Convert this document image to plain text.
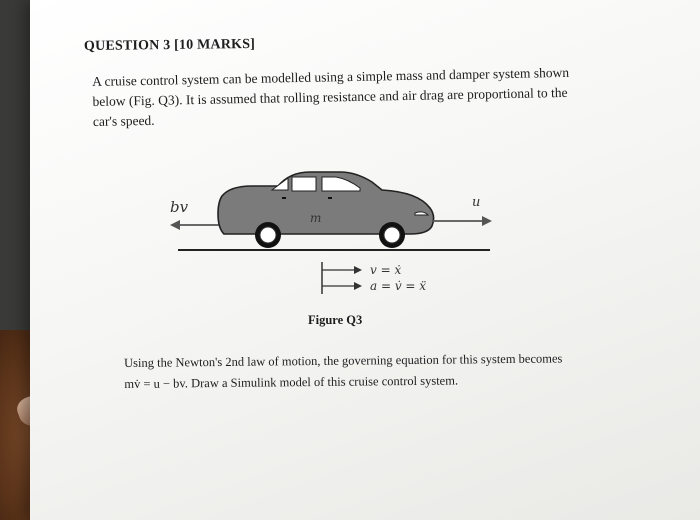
QUESTION 3 [10 MARKS]
A cruise control system can be modelled using a simple mass and damper system shown
below (Fig. Q3). It is assumed that rolling resistance and air drag are proportional to the
car's speed.
bv
m
u
v = ẋ
a = v̇ = ẍ
Figure Q3
Using the Newton's 2nd law of motion, the governing equation for this system becomes
mv̇ = u − bv. Draw a Simulink model of this cruise control system.
